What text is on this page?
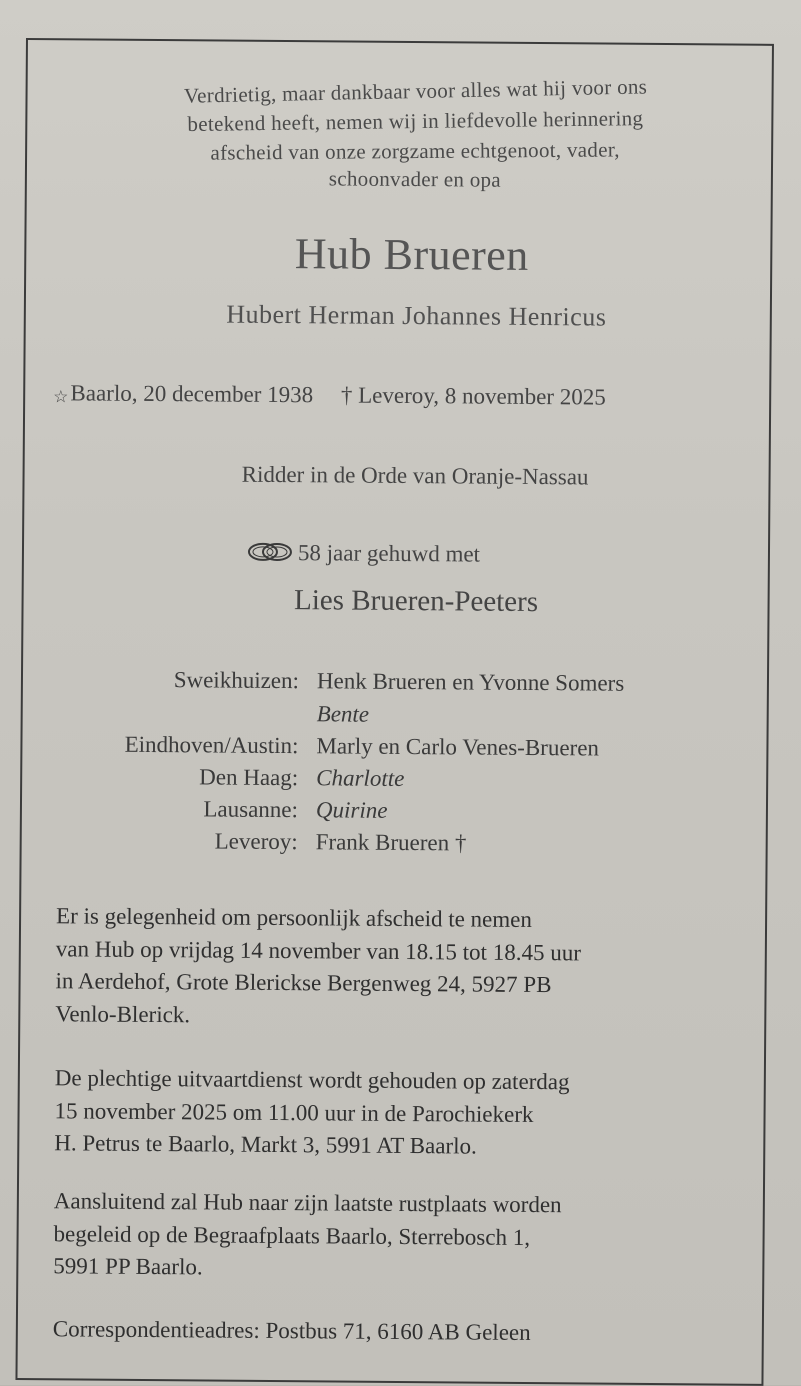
Verdrietig, maar dankbaar voor alles wat hij voor ons
betekend heeft, nemen wij in liefdevolle herinnering
afscheid van onze zorgzame echtgenoot, vader,
schoonvader en opa
Hub Brueren
Hubert Herman Johannes Henricus
☆Baarlo, 20 december 1938 † Leveroy, 8 november 2025
Ridder in de Orde van Oranje-Nassau
58 jaar gehuwd met
Lies Brueren-Peeters
Sweikhuizen: Henk Brueren en Yvonne Somers
Bente
Eindhoven/Austin: Marly en Carlo Venes-Brueren
Den Haag: Charlotte
Lausanne: Quirine
Leveroy: Frank Brueren †
Er is gelegenheid om persoonlijk afscheid te nemen
van Hub op vrijdag 14 november van 18.15 tot 18.45 uur
in Aerdehof, Grote Blerickse Bergenweg 24, 5927 PB
Venlo-Blerick.
De plechtige uitvaartdienst wordt gehouden op zaterdag
15 november 2025 om 11.00 uur in de Parochiekerk
H. Petrus te Baarlo, Markt 3, 5991 AT Baarlo.
Aansluitend zal Hub naar zijn laatste rustplaats worden
begeleid op de Begraafplaats Baarlo, Sterrebosch 1,
5991 PP Baarlo.
Correspondentieadres: Postbus 71, 6160 AB Geleen
